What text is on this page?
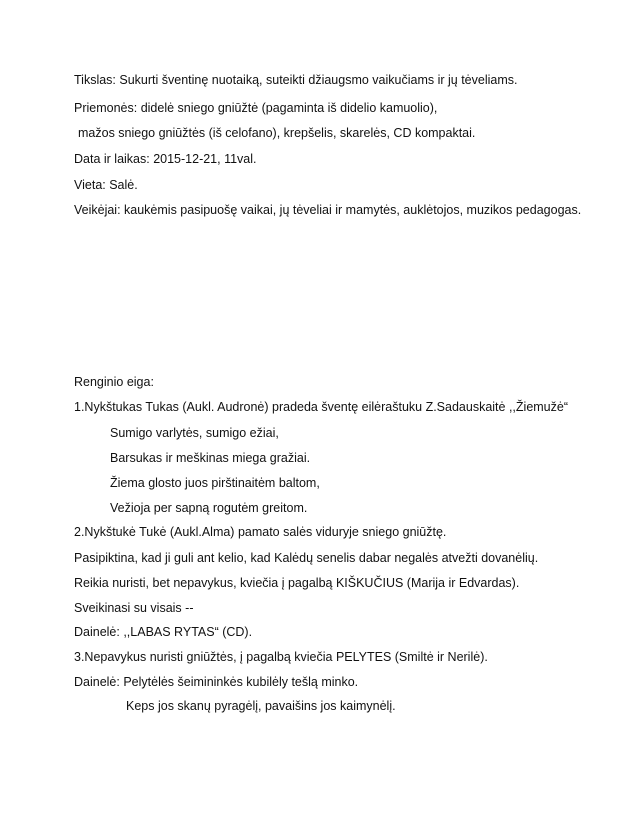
Tikslas: Sukurti šventinę nuotaiką, suteikti džiaugsmo vaikučiams ir jų tėveliams.
Priemonės: didelė sniego gniūžtė (pagaminta iš didelio kamuolio),
mažos sniego gniūžtės (iš celofano), krepšelis, skarelės, CD kompaktai.
Data ir laikas: 2015-12-21, 11val.
Vieta: Salė.
Veikėjai: kaukėmis pasipuošę vaikai, jų tėveliai ir mamytės, auklėtojos, muzikos pedagogas.
Renginio eiga:
1.Nykštukas Tukas (Aukl. Audronė) pradeda šventę eilėraštuku Z.Sadauskaitė ,,Žiemužė“
Sumigo varlytės, sumigo ežiai,
Barsukas ir meškinas miega gražiai.
Žiema glosto juos pirštinaitėm baltom,
Vežioja per sapną rogutėm greitom.
2.Nykštukė Tukė (Aukl.Alma) pamato salės viduryje sniego gniūžtę.
Pasipiktina, kad ji guli ant kelio, kad Kalėdų senelis dabar negalės atvežti dovanėlių.
Reikia nuristi, bet nepavykus, kviečia į pagalbą KIŠKUČIUS (Marija ir Edvardas).
Sveikinasi su visais --
Dainelė: ,,LABAS RYTAS“ (CD).
3.Nepavykus nuristi gniūžtės, į pagalbą kviečia PELYTES (Smiltė ir Nerilė).
Dainelė: Pelytėlės šeimininkės kubilėly tešlą minko.
Keps jos skanų pyragėlį, pavaišins jos kaimynėlį.
